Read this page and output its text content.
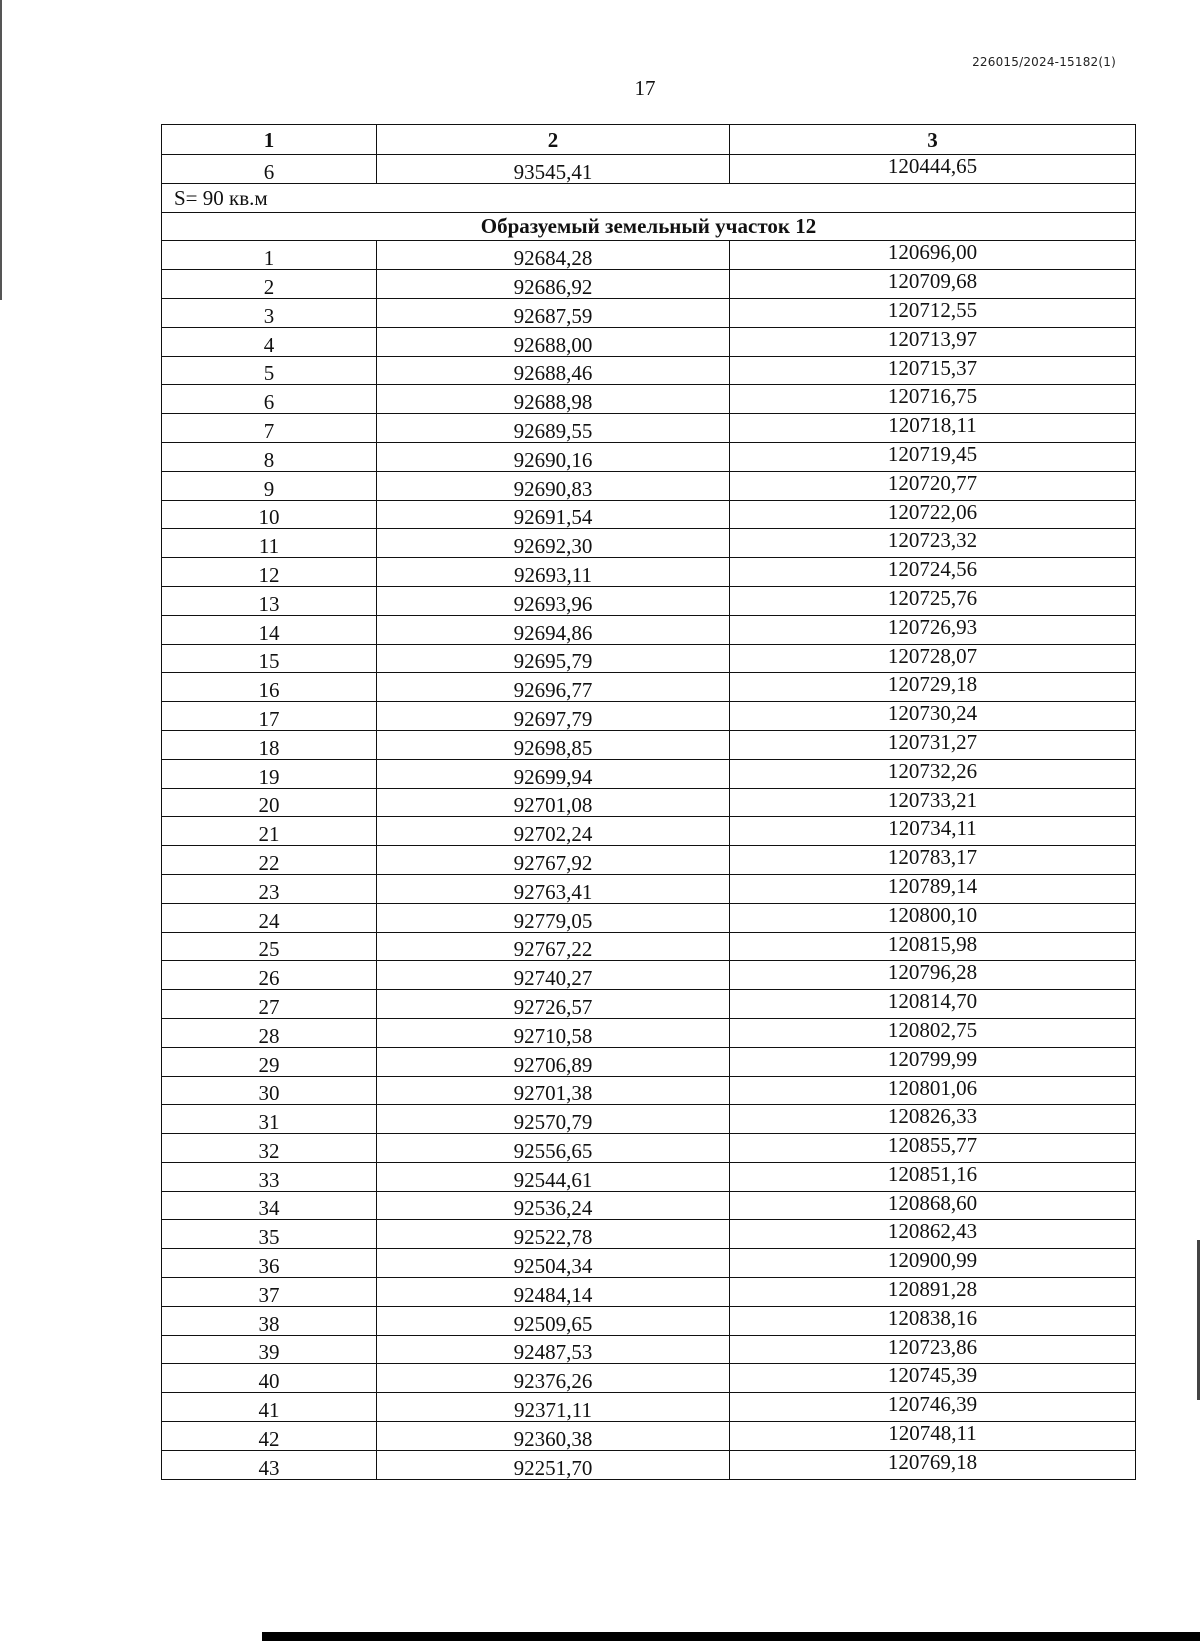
226015/2024-15182(1)
17
1	2	3
6	93545,41	120444,65
S= 90 кв.м		
Образуемый земельный участок 12		
1	92684,28	120696,00
2	92686,92	120709,68
3	92687,59	120712,55
4	92688,00	120713,97
5	92688,46	120715,37
6	92688,98	120716,75
7	92689,55	120718,11
8	92690,16	120719,45
9	92690,83	120720,77
10	92691,54	120722,06
11	92692,30	120723,32
12	92693,11	120724,56
13	92693,96	120725,76
14	92694,86	120726,93
15	92695,79	120728,07
16	92696,77	120729,18
17	92697,79	120730,24
18	92698,85	120731,27
19	92699,94	120732,26
20	92701,08	120733,21
21	92702,24	120734,11
22	92767,92	120783,17
23	92763,41	120789,14
24	92779,05	120800,10
25	92767,22	120815,98
26	92740,27	120796,28
27	92726,57	120814,70
28	92710,58	120802,75
29	92706,89	120799,99
30	92701,38	120801,06
31	92570,79	120826,33
32	92556,65	120855,77
33	92544,61	120851,16
34	92536,24	120868,60
35	92522,78	120862,43
36	92504,34	120900,99
37	92484,14	120891,28
38	92509,65	120838,16
39	92487,53	120723,86
40	92376,26	120745,39
41	92371,11	120746,39
42	92360,38	120748,11
43	92251,70	120769,18
